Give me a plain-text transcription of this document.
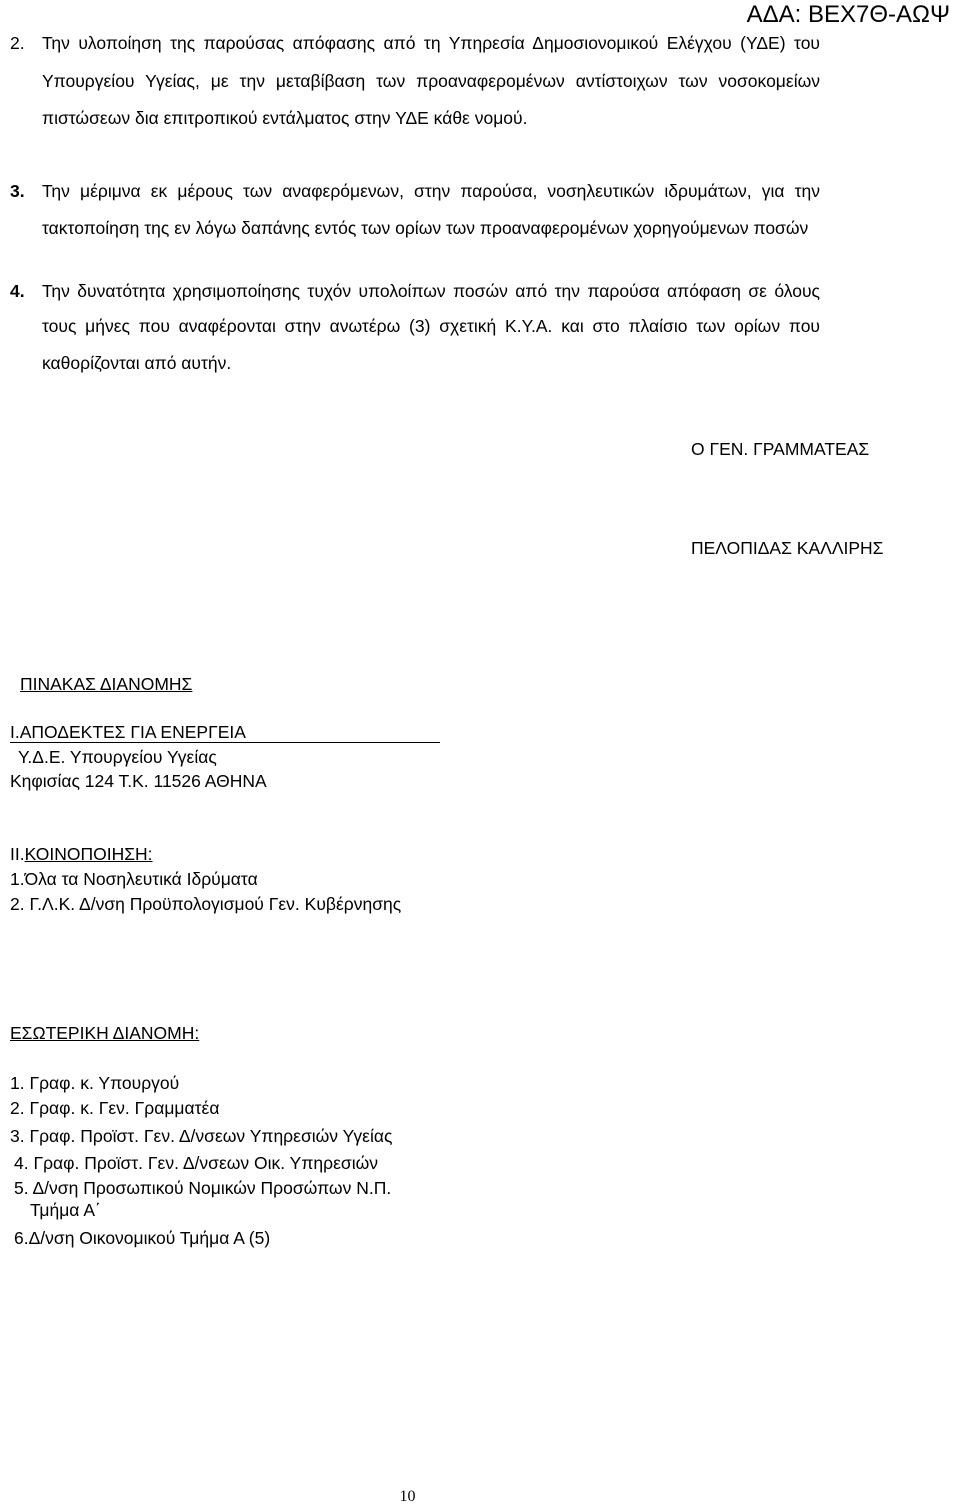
ΑΔΑ: ΒΕΧ7Θ-ΑΩΨ
2. Την υλοποίηση της παρούσας απόφασης από τη Υπηρεσία Δημοσιονομικού Ελέγχου (ΥΔΕ) του
Υπουργείου Υγείας, με την μεταβίβαση των προαναφερομένων αντίστοιχων των νοσοκομείων
πιστώσεων δια επιτροπικού εντάλματος στην ΥΔΕ κάθε νομού.
3. Την μέριμνα εκ μέρους των αναφερόμενων, στην παρούσα, νοσηλευτικών ιδρυμάτων, για την
τακτοποίηση της εν λόγω δαπάνης εντός των ορίων των προαναφερομένων χορηγούμενων ποσών
4. Την δυνατότητα χρησιμοποίησης τυχόν υπολοίπων ποσών από την παρούσα απόφαση σε όλους
τους μήνες που αναφέρονται στην ανωτέρω (3) σχετική Κ.Υ.Α. και στο πλαίσιο των ορίων που
καθορίζονται από αυτήν.
Ο ΓΕΝ. ΓΡΑΜΜΑΤΕΑΣ
ΠΕΛΟΠΙΔΑΣ ΚΑΛΛΙΡΗΣ
ΠΙΝΑΚΑΣ ΔΙΑΝΟΜΗΣ
Ι.ΑΠΟΔΕΚΤΕΣ ΓΙΑ ΕΝΕΡΓΕΙΑ
Υ.Δ.Ε. Υπουργείου Υγείας
Κηφισίας 124 Τ.Κ. 11526 ΑΘΗΝΑ
ΙΙ.ΚΟΙΝΟΠΟΙΗΣΗ:
1.Όλα τα Νοσηλευτικά Ιδρύματα
2. Γ.Λ.Κ. Δ/νση Προϋπολογισμού Γεν. Κυβέρνησης
ΕΣΩΤΕΡΙΚΗ ΔΙΑΝΟΜΗ:
1. Γραφ. κ. Υπουργού
2. Γραφ. κ. Γεν. Γραμματέα
3. Γραφ. Προϊστ. Γεν. Δ/νσεων Υπηρεσιών Υγείας
4. Γραφ. Προϊστ. Γεν. Δ/νσεων Οικ. Υπηρεσιών
5. Δ/νση Προσωπικού Νομικών Προσώπων Ν.Π.
Τμήμα Α΄
6.Δ/νση Οικονομικού Τμήμα Α (5)
10
